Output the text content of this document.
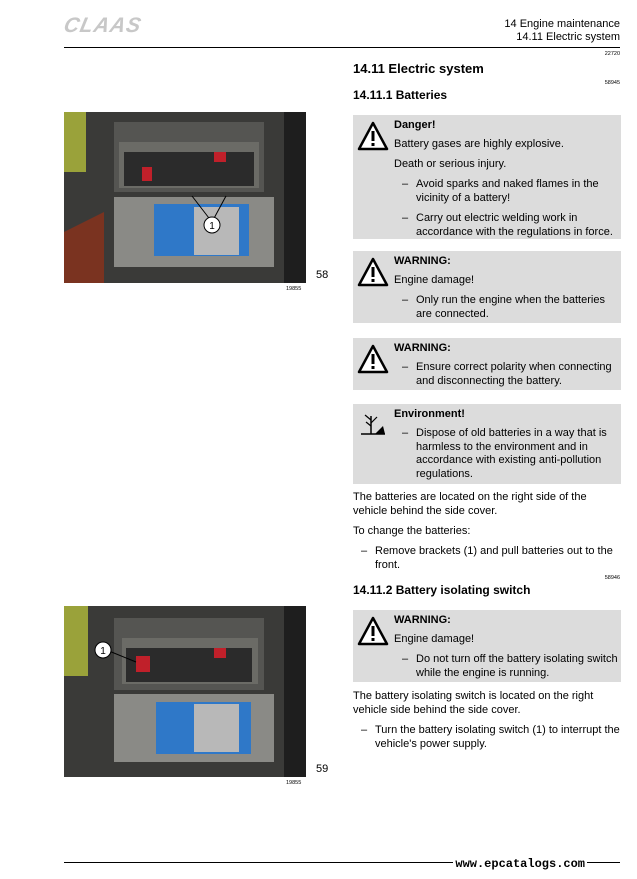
CLAAS	14 Engine maintenance
14.11 Electric system
22720
14.11 Electric system
58945
14.11.1 Batteries
Danger!

Battery gases are highly explosive.

Death or serious injury.

– Avoid sparks and naked flames in the vicinity of a battery!
– Carry out electric welding work in accordance with the regulations in force.
WARNING:

Engine damage!

– Only run the engine when the batteries are connected.
WARNING:
– Ensure correct polarity when connecting and disconnecting the battery.
Environment!
– Dispose of old batteries in a way that is harmless to the environment and in accordance with existing anti-pollution regulations.
The batteries are located on the right side of the vehicle behind the side cover.
To change the batteries:
– Remove brackets (1) and pull batteries out to the front.
58946
14.11.2 Battery isolating switch
WARNING:

Engine damage!

– Do not turn off the battery isolating switch while the engine is running.
The battery isolating switch is located on the right vehicle side behind the side cover.
– Turn the battery isolating switch (1) to interrupt the vehicle's power supply.
1
58
19855
1
59
19855
www.epcatalogs.com
